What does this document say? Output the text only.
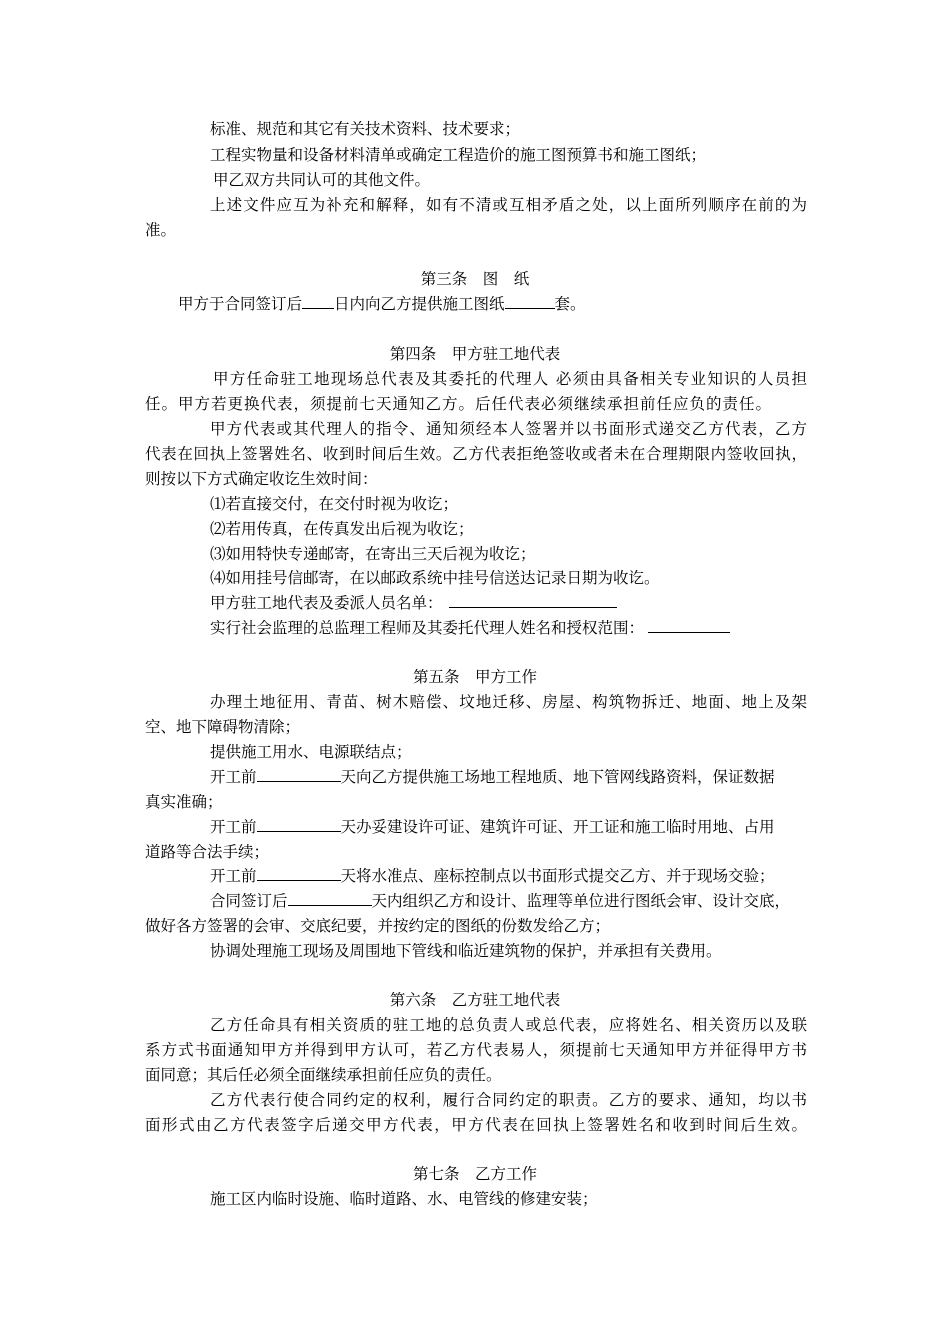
标准、规范和其它有关技术资料、技术要求；
工程实物量和设备材料清单或确定工程造价的施工图预算书和施工图纸；
甲乙双方共同认可的其他文件。
上述文件应互为补充和解释，如有不清或互相矛盾之处，以上面所列顺序在前的为
准。
第三条　 图　纸
甲方于合同签订后 日内向乙方提供施工图纸	套。
第四条　 甲方驻工地代表
甲方任命驻工地现场总代表及其委托的代理人 必须由具备相关专业知识的人员担
任。甲方若更换代表，须提前七天通知乙方。后任代表必须继续承担前任应负的责任。
甲方代表或其代理人的指令、通知须经本人签署并以书面形式递交乙方代表，乙方
代表在回执上签署姓名、收到时间后生效。乙方代表拒绝签收或者未在合理期限内签收回执，
则按以下方式确定收讫生效时间：
⑴若直接交付，在交付时视为收讫；
⑵若用传真，在传真发出后视为收讫；
⑶如用特快专递邮寄，在寄出三天后视为收讫；
⑷如用挂号信邮寄，在以邮政系统中挂号信送达记录日期为收讫。
甲方驻工地代表及委派人员名单：
实行社会监理的总监理工程师及其委托代理人姓名和授权范围：
第五条　 甲方工作
办理土地征用、青苗、树木赔偿、坟地迁移、房屋、构筑物拆迁、地面、地上及架
空、地下障碍物清除；
提供施工用水、电源联结点；
开工前	天向乙方提供施工场地工程地质、地下管网线路资料，保证数据
真实准确；
开工前	天办妥建设许可证、建筑许可证、开工证和施工临时用地、占用
道路等合法手续；
开工前	天将水准点、座标控制点以书面形式提交乙方、并于现场交验；
合同签订后	天内组织乙方和设计、监理等单位进行图纸会审、设计交底，
做好各方签署的会审、交底纪要，并按约定的图纸的份数发给乙方；
协调处理施工现场及周围地下管线和临近建筑物的保护，并承担有关费用。
第六条　 乙方驻工地代表
乙方任命具有相关资质的驻工地的总负责人或总代表，应将姓名、相关资历以及联
系方式书面通知甲方并得到甲方认可，若乙方代表易人，须提前七天通知甲方并征得甲方书
面同意；其后任必须全面继续承担前任应负的责任。
乙方代表行使合同约定的权利，履行合同约定的职责。乙方的要求、通知，均以书
面形式由乙方代表签字后递交甲方代表，甲方代表在回执上签署姓名和收到时间后生效。
第七条　 乙方工作
施工区内临时设施、临时道路、水、电管线的修建安装；
